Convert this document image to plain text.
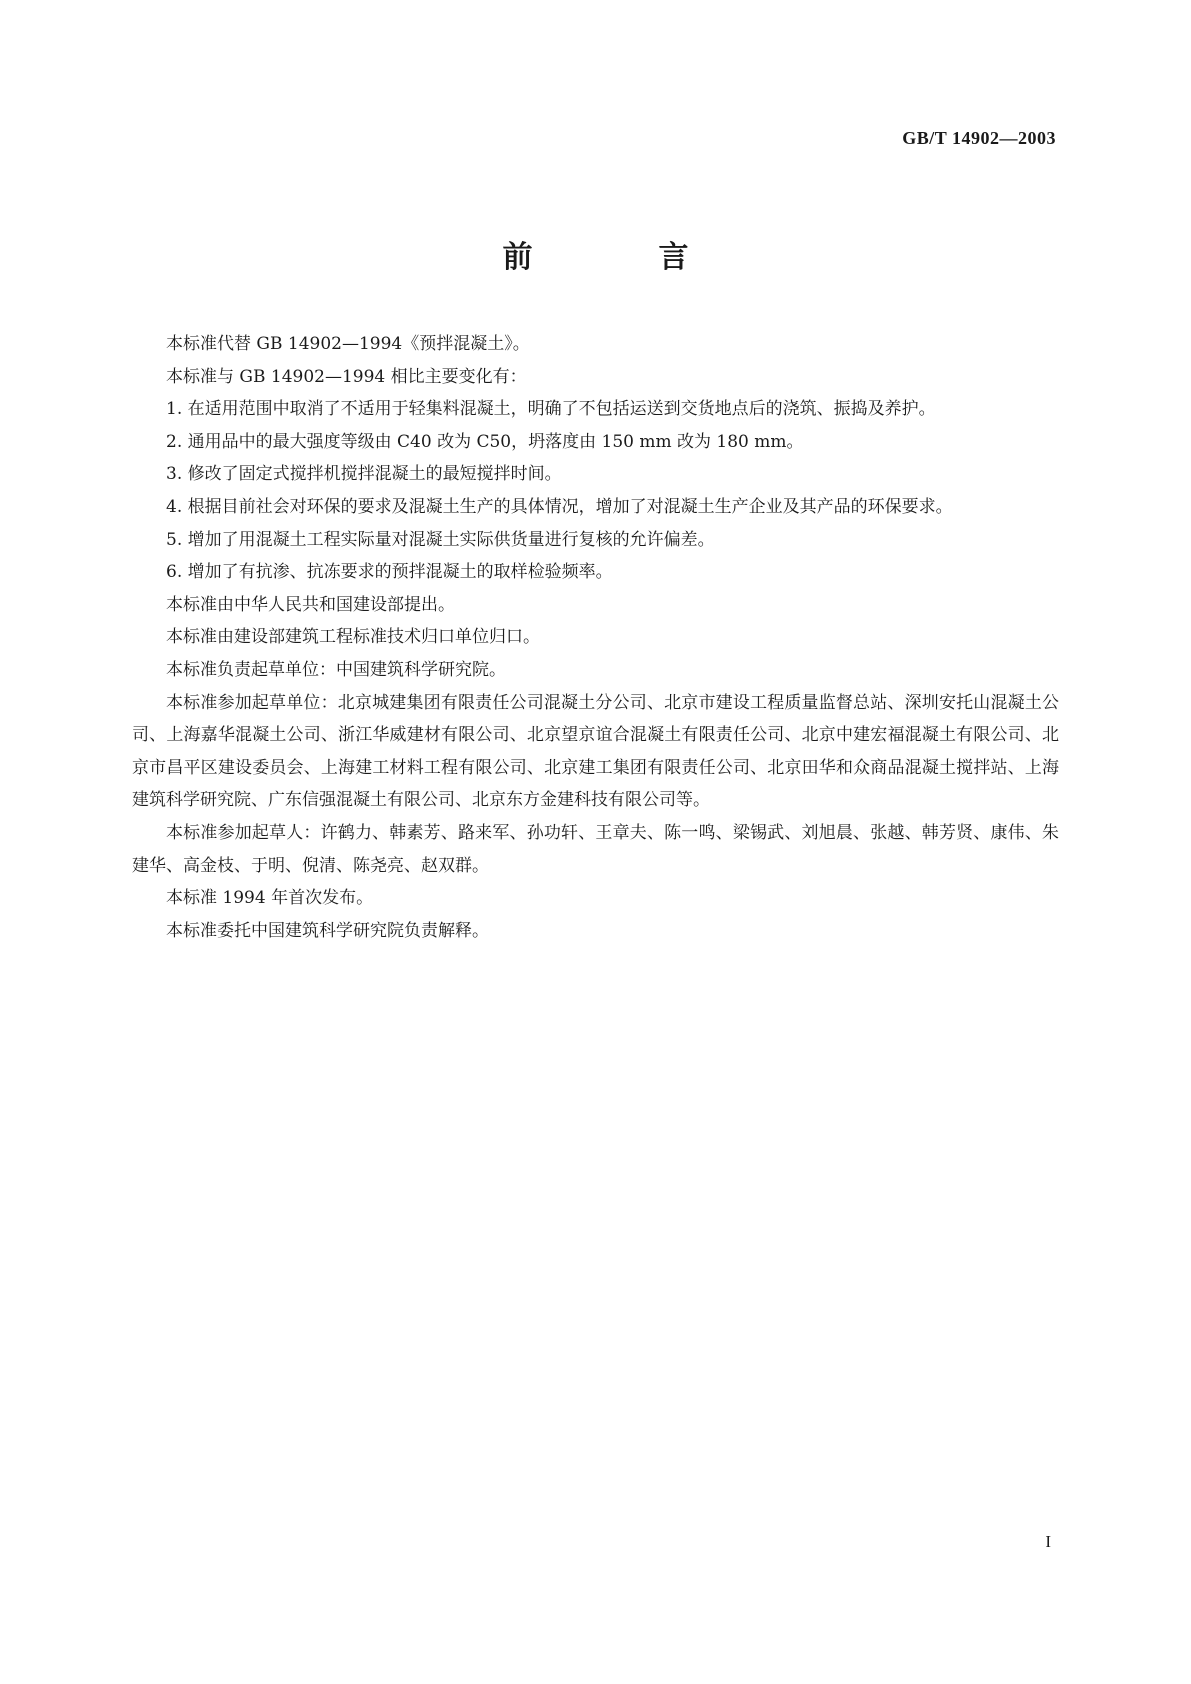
GB/T 14902—2003
前　言

本标准代替 GB 14902—1994《预拌混凝土》。

本标准与 GB 14902—1994 相比主要变化有：

1. 在适用范围中取消了不适用于轻集料混凝土，明确了不包括运送到交货地点后的浇筑、振捣及养护。

2. 通用品中的最大强度等级由 C40 改为 C50，坍落度由 150 mm 改为 180 mm。

3. 修改了固定式搅拌机搅拌混凝土的最短搅拌时间。

4. 根据目前社会对环保的要求及混凝土生产的具体情况，增加了对混凝土生产企业及其产品的环保要求。

5. 增加了用混凝土工程实际量对混凝土实际供货量进行复核的允许偏差。

6. 增加了有抗渗、抗冻要求的预拌混凝土的取样检验频率。

本标准由中华人民共和国建设部提出。

本标准由建设部建筑工程标准技术归口单位归口。

本标准负责起草单位：中国建筑科学研究院。

本标准参加起草单位：北京城建集团有限责任公司混凝土分公司、北京市建设工程质量监督总站、深圳安托山混凝土公司、上海嘉华混凝土公司、浙江华威建材有限公司、北京望京谊合混凝土有限责任公司、北京中建宏福混凝土有限公司、北京市昌平区建设委员会、上海建工材料工程有限公司、北京建工集团有限责任公司、北京田华和众商品混凝土搅拌站、上海建筑科学研究院、广东信强混凝土有限公司、北京东方金建科技有限公司等。

本标准参加起草人：许鹤力、韩素芳、路来军、孙功轩、王章夫、陈一鸣、梁锡武、刘旭晨、张越、韩芳贤、康伟、朱建华、高金枝、于明、倪清、陈尧亮、赵双群。

本标准 1994 年首次发布。

本标准委托中国建筑科学研究院负责解释。

I
